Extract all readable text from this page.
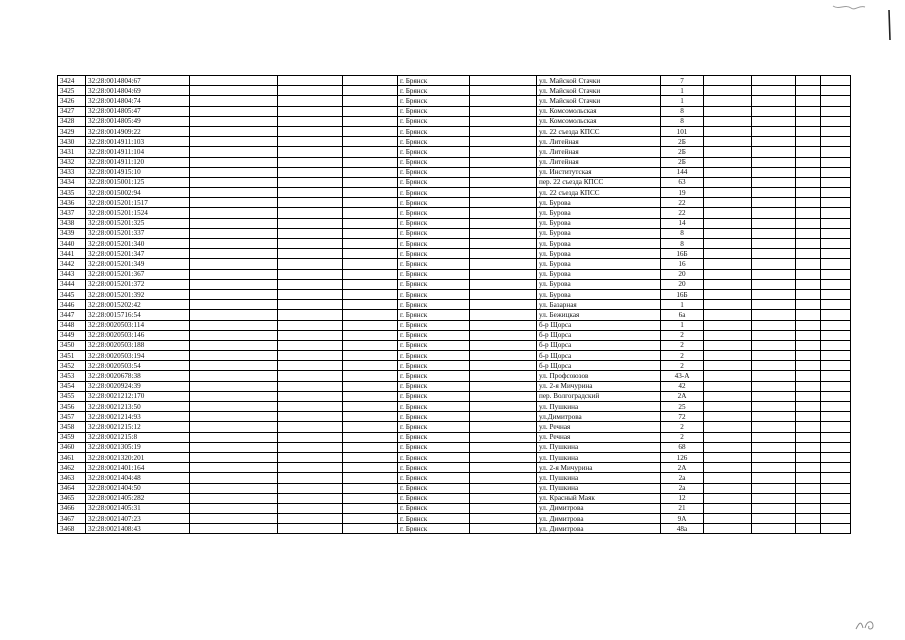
3424	32:28:0014804:67				г. Брянск		ул. Майской Стачки	7				
3425	32:28:0014804:69				г. Брянск		ул. Майской Стачки	1				
3426	32:28:0014804:74				г. Брянск		ул. Майской Стачки	1				
3427	32:28:0014805:47				г. Брянск		ул. Комсомольская	8				
3428	32:28:0014805:49				г. Брянск		ул. Комсомольская	8				
3429	32:28:0014909:22				г. Брянск		ул. 22 съезда КПСС	101				
3430	32:28:0014911:103				г. Брянск		ул. Литейная	2Б				
3431	32:28:0014911:104				г. Брянск		ул. Литейная	2Б				
3432	32:28:0014911:120				г. Брянск		ул. Литейная	2Б				
3433	32:28:0014915:10				г. Брянск		ул. Институтская	144				
3434	32:28:0015001:125				г. Брянск		пер. 22 съезда КПСС	63				
3435	32:28:0015002:94				г. Брянск		ул. 22 съезда КПСС	19				
3436	32:28:0015201:1517				г. Брянск		ул. Бурова	22				
3437	32:28:0015201:1524				г. Брянск		ул. Бурова	22				
3438	32:28:0015201:325				г. Брянск		ул. Бурова	14				
3439	32:28:0015201:337				г. Брянск		ул. Бурова	8				
3440	32:28:0015201:340				г. Брянск		ул. Бурова	8				
3441	32:28:0015201:347				г. Брянск		ул. Бурова	16Б				
3442	32:28:0015201:349				г. Брянск		ул. Бурова	16				
3443	32:28:0015201:367				г. Брянск		ул. Бурова	20				
3444	32:28:0015201:372				г. Брянск		ул. Бурова	20				
3445	32:28:0015201:392				г. Брянск		ул. Бурова	16Б				
3446	32:28:0015202:42				г. Брянск		ул. Базарная	1				
3447	32:28:0015716:54				г. Брянск		ул. Бежицкая	6а				
3448	32:28:0020503:114				г. Брянск		б-р Щорса	1				
3449	32:28:0020503:146				г. Брянск		б-р Щорса	2				
3450	32:28:0020503:188				г. Брянск		б-р Щорса	2				
3451	32:28:0020503:194				г. Брянск		б-р Щорса	2				
3452	32:28:0020503:54				г. Брянск		б-р Щорса	2				
3453	32:28:0020678:38				г. Брянск		ул. Профсоюзов	43-А				
3454	32:28:0020924:39				г. Брянск		ул. 2-я Мичурина	42				
3455	32:28:0021212:170				г. Брянск		пер. Волгоградский	2А				
3456	32:28:0021213:50				г. Брянск		ул. Пушкина	25				
3457	32:28:0021214:93				г. Брянск		ул.Димитрова	72				
3458	32:28:0021215:12				г. Брянск		ул. Речная	2				
3459	32:28:0021215:8				г. Брянск		ул. Речная	2				
3460	32:28:0021305:19				г. Брянск		ул. Пушкина	68				
3461	32:28:0021320:201				г. Брянск		ул. Пушкина	126				
3462	32:28:0021401:164				г. Брянск		ул. 2-я Мичурина	2А				
3463	32:28:0021404:48				г. Брянск		ул. Пушкина	2а				
3464	32:28:0021404:50				г. Брянск		ул. Пушкина	2а				
3465	32:28:0021405:282				г. Брянск		ул. Красный Маяк	12				
3466	32:28:0021405:31				г. Брянск		ул. Димитрова	21				
3467	32:28:0021407:23				г. Брянск		ул. Димитрова	9А				
3468	32:28:0021408:43				г. Брянск		ул. Димитрова	48а				
